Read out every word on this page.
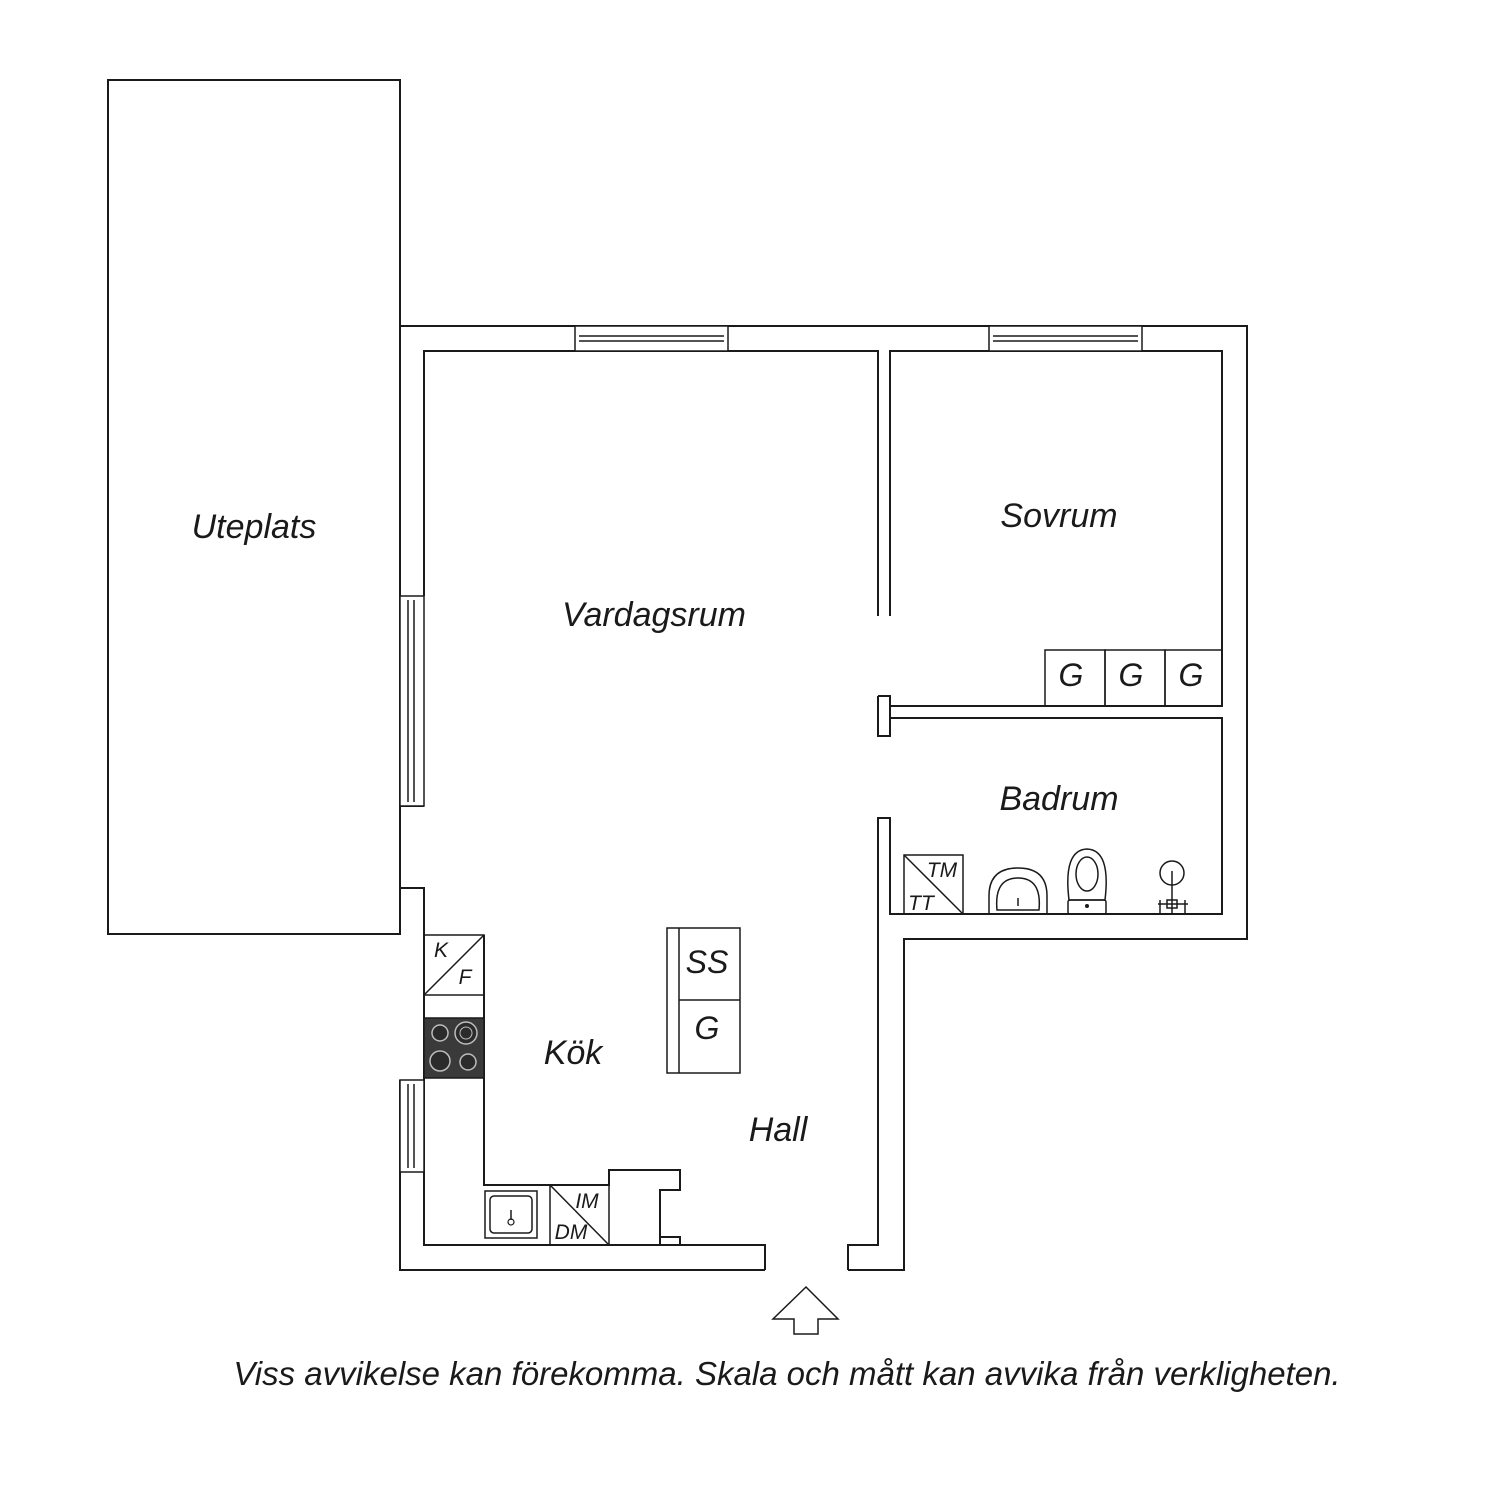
Uteplats
Vardagsrum
Sovrum
Badrum
Kök
Hall
G G G
SS
G
K
F
TM
TT
IM
DM
Viss avvikelse kan förekomma. Skala och mått kan avvika från verkligheten.
